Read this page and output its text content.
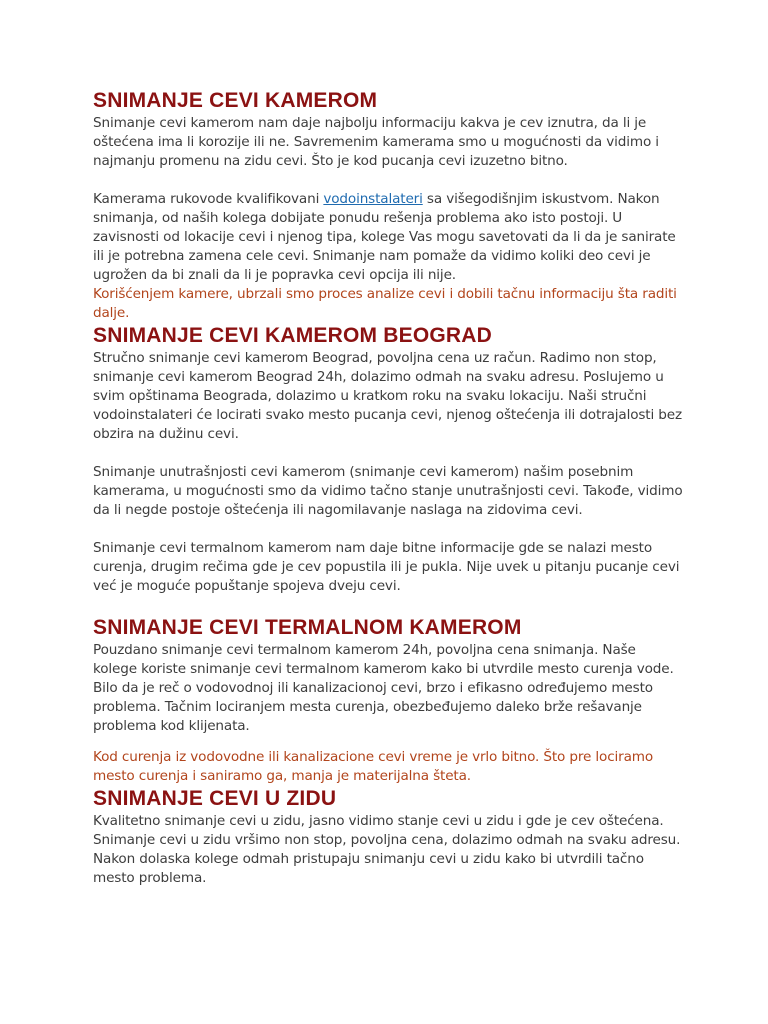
SNIMANJE CEVI KAMEROM

Snimanje cevi kamerom nam daje najbolju informaciju kakva je cev iznutra, da li je oštećena ima li korozije ili ne. Savremenim kamerama smo u mogućnosti da vidimo i najmanju promenu na zidu cevi. Što je kod pucanja cevi izuzetno bitno.

Kamerama rukovode kvalifikovani vodoinstalateri sa višegodišnjim iskustvom. Nakon snimanja, od naših kolega dobijate ponudu rešenja problema ako isto postoji. U zavisnosti od lokacije cevi i njenog tipa, kolege Vas mogu savetovati da li da je sanirate ili je potrebna zamena cele cevi. Snimanje nam pomaže da vidimo koliki deo cevi je ugrožen da bi znali da li je popravka cevi opcija ili nije.

Korišćenjem kamere, ubrzali smo proces analize cevi i dobili tačnu informaciju šta raditi dalje.

SNIMANJE CEVI KAMEROM BEOGRAD

Stručno snimanje cevi kamerom Beograd, povoljna cena uz račun. Radimo non stop, snimanje cevi kamerom Beograd 24h, dolazimo odmah na svaku adresu. Poslujemo u svim opštinama Beograda, dolazimo u kratkom roku na svaku lokaciju. Naši stručni vodoinstalateri će locirati svako mesto pucanja cevi, njenog oštećenja ili dotrajalosti bez obzira na dužinu cevi.

Snimanje unutrašnjosti cevi kamerom (snimanje cevi kamerom) našim posebnim kamerama, u mogućnosti smo da vidimo tačno stanje unutrašnjosti cevi. Takođe, vidimo da li negde postoje oštećenja ili nagomilavanje naslaga na zidovima cevi.

Snimanje cevi termalnom kamerom nam daje bitne informacije gde se nalazi mesto curenja, drugim rečima gde je cev popustila ili je pukla. Nije uvek u pitanju pucanje cevi već je moguće popuštanje spojeva dveju cevi.

SNIMANJE CEVI TERMALNOM KAMEROM

Pouzdano snimanje cevi termalnom kamerom 24h, povoljna cena snimanja. Naše kolege koriste snimanje cevi termalnom kamerom kako bi utvrdile mesto curenja vode. Bilo da je reč o vodovodnoj ili kanalizacionoj cevi, brzo i efikasno određujemo mesto problema. Tačnim lociranjem mesta curenja, obezbeđujemo daleko brže rešavanje problema kod klijenata.

Kod curenja iz vodovodne ili kanalizacione cevi vreme je vrlo bitno. Što pre lociramo mesto curenja i saniramo ga, manja je materijalna šteta.

SNIMANJE CEVI U ZIDU

Kvalitetno snimanje cevi u zidu, jasno vidimo stanje cevi u zidu i gde je cev oštećena. Snimanje cevi u zidu vršimo non stop, povoljna cena, dolazimo odmah na svaku adresu. Nakon dolaska kolege odmah pristupaju snimanju cevi u zidu kako bi utvrdili tačno mesto problema.
